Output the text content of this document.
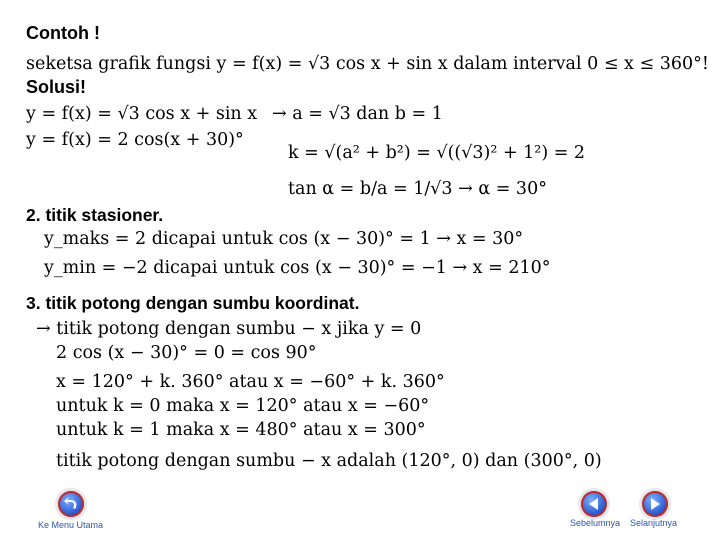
Contoh !
seketsa grafik fungsi y = f(x) = √3 cos x + sin x dalam interval 0 ≤ x ≤ 360°!
Solusi!
y = f(x) = √3 cos x + sin x → a = √3 dan b = 1
y = f(x) = 2 cos(x + 30)°
k = √(a² + b²) = √((√3)² + 1²) = 2
tan α = b/a = 1/√3 → α = 30°
2. titik stasioner.
y_maks = 2 dicapai untuk cos (x − 30)° = 1 → x = 30°
y_min = −2 dicapai untuk cos (x − 30)° = −1 → x = 210°
3. titik potong dengan sumbu koordinat.
→ titik potong dengan sumbu − x jika y = 0
2 cos (x − 30)° = 0 = cos 90°
x = 120° + k. 360° atau x = −60° + k. 360°
untuk k = 0 maka x = 120° atau x = −60°
untuk k = 1 maka x = 480° atau x = 300°
titik potong dengan sumbu − x adalah (120°, 0) dan (300°, 0)
Ke Menu Utama	Sebelumnya Selanjutnya
